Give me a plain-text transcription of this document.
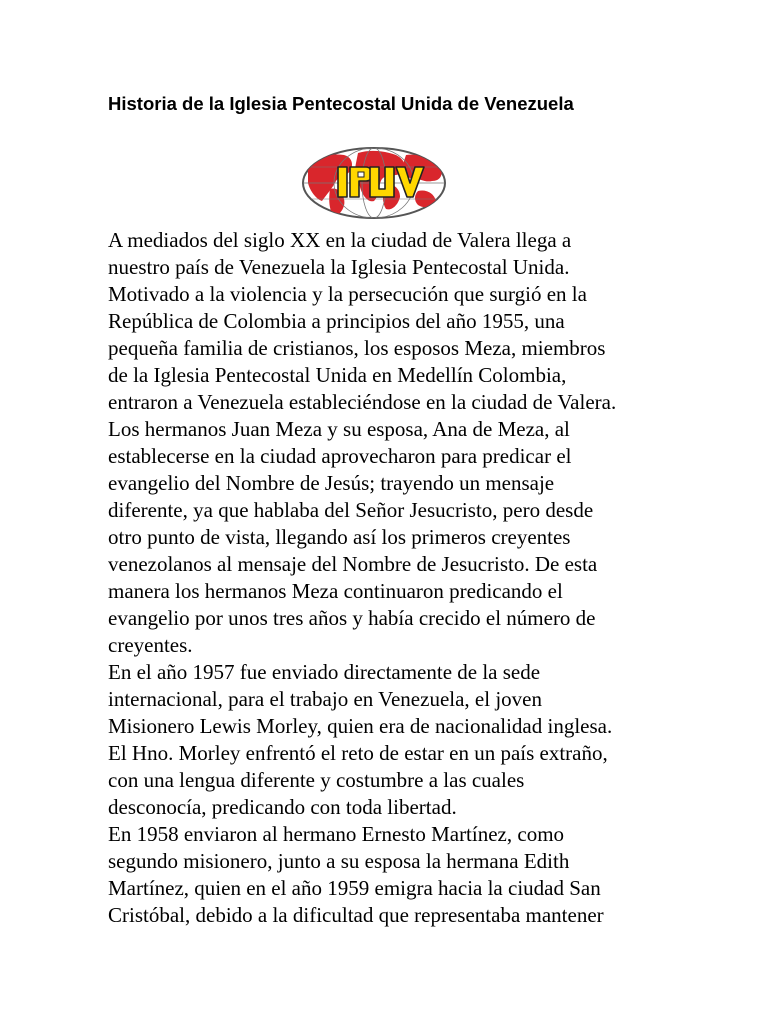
Historia de la Iglesia Pentecostal Unida de Venezuela
A mediados del siglo XX en la ciudad de Valera llega a
nuestro país de Venezuela la Iglesia Pentecostal Unida.
Motivado a la violencia y la persecución que surgió en la
República de Colombia a principios del año 1955, una
pequeña familia de cristianos, los esposos Meza, miembros
de la Iglesia Pentecostal Unida en Medellín Colombia,
entraron a Venezuela estableciéndose en la ciudad de Valera.
Los hermanos Juan Meza y su esposa, Ana de Meza, al
establecerse en la ciudad aprovecharon para predicar el
evangelio del Nombre de Jesús; trayendo un mensaje
diferente, ya que hablaba del Señor Jesucristo, pero desde
otro punto de vista, llegando así los primeros creyentes
venezolanos al mensaje del Nombre de Jesucristo. De esta
manera los hermanos Meza continuaron predicando el
evangelio por unos tres años y había crecido el número de
creyentes.
En el año 1957 fue enviado directamente de la sede
internacional, para el trabajo en Venezuela, el joven
Misionero Lewis Morley, quien era de nacionalidad inglesa.
El Hno. Morley enfrentó el reto de estar en un país extraño,
con una lengua diferente y costumbre a las cuales
desconocía, predicando con toda libertad.
En 1958 enviaron al hermano Ernesto Martínez, como
segundo misionero, junto a su esposa la hermana Edith
Martínez, quien en el año 1959 emigra hacia la ciudad San
Cristóbal, debido a la dificultad que representaba mantener
